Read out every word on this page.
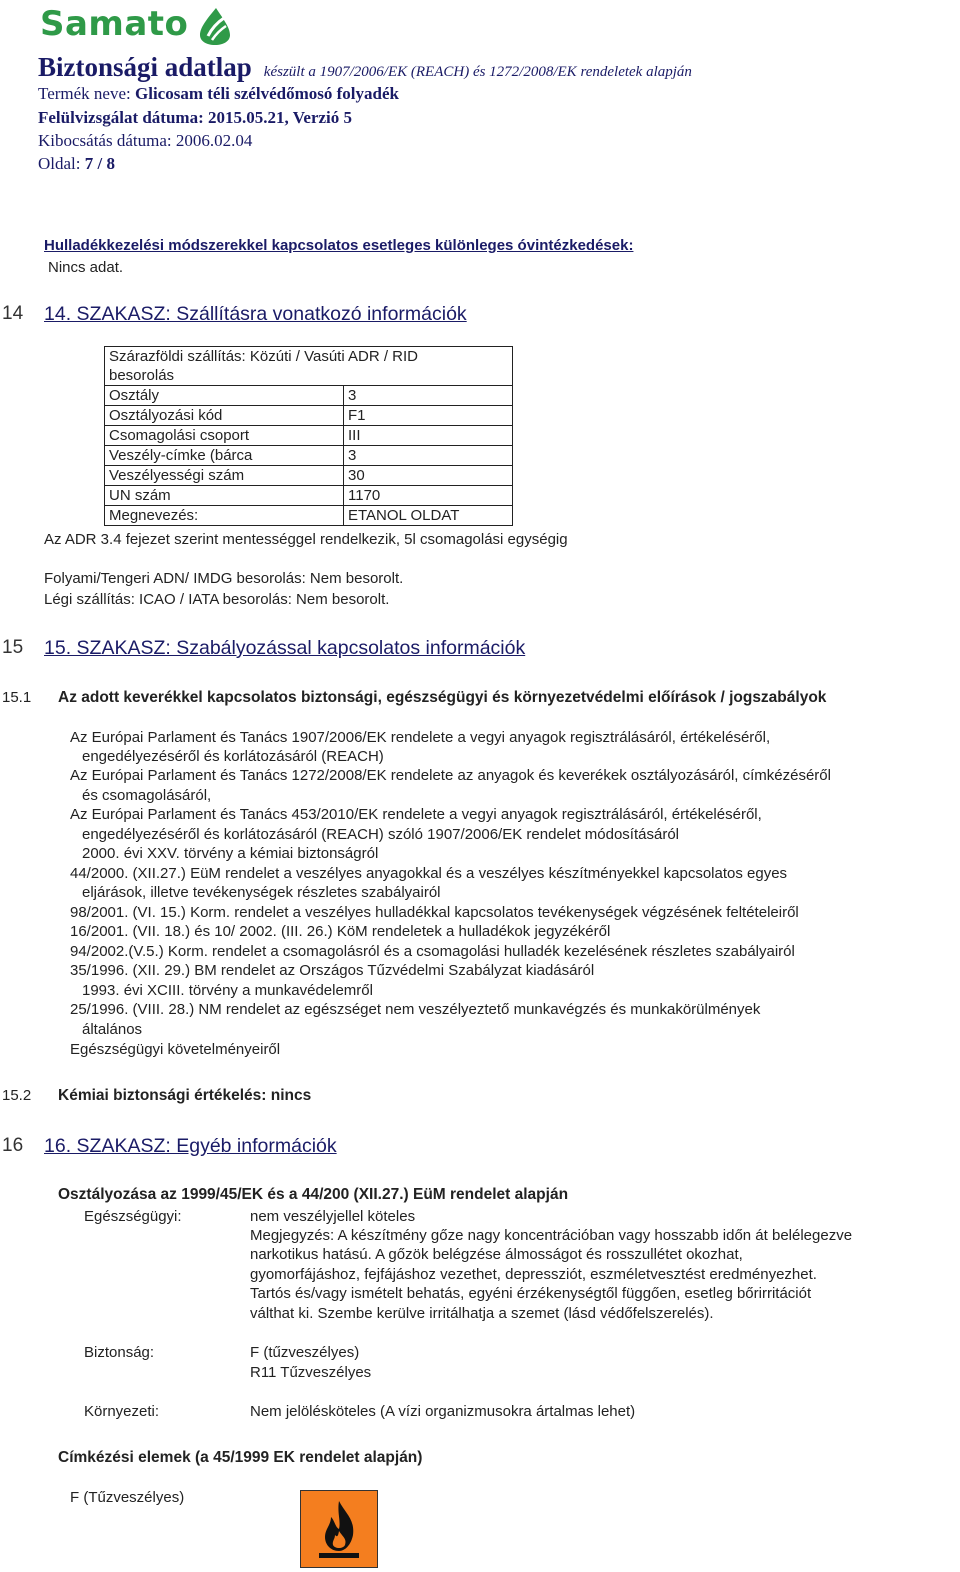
Samato
Biztonsági adatlap készült a 1907/2006/EK (REACH) és 1272/2008/EK rendeletek alapján
Termék neve: Glicosam téli szélvédőmosó folyadék
Felülvizsgálat dátuma: 2015.05.21, Verzió 5
Kibocsátás dátuma: 2006.02.04
Oldal: 7 / 8
Hulladékkezelési módszerekkel kapcsolatos esetleges különleges óvintézkedések:
Nincs adat.
14 14. SZAKASZ: Szállításra vonatkozó információk
Szárazföldi szállítás: Közúti / Vasúti ADR / RID
besorolás	

Osztály	3
Osztályozási kód	F1
Csomagolási csoport	III
Veszély-címke (bárca	3
Veszélyességi szám	30
UN szám	1170
Megnevezés:	ETANOL OLDAT
Az ADR 3.4 fejezet szerint mentességgel rendelkezik, 5l csomagolási egységig
Folyami/Tengeri ADN/ IMDG besorolás: Nem besorolt.
Légi szállítás: ICAO / IATA besorolás: Nem besorolt.
15 15. SZAKASZ: Szabályozással kapcsolatos információk
15.1 Az adott keverékkel kapcsolatos biztonsági, egészségügyi és környezetvédelmi előírások / jogszabályok
Az Európai Parlament és Tanács 1907/2006/EK rendelete a vegyi anyagok regisztrálásáról, értékeléséről,
engedélyezéséről és korlátozásáról (REACH)
Az Európai Parlament és Tanács 1272/2008/EK rendelete az anyagok és keverékek osztályozásáról, címkézéséről
és csomagolásáról,
Az Európai Parlament és Tanács 453/2010/EK rendelete a vegyi anyagok regisztrálásáról, értékeléséről,
engedélyezéséről és korlátozásáról (REACH) szóló 1907/2006/EK rendelet módosításáról
2000. évi XXV. törvény a kémiai biztonságról
44/2000. (XII.27.) EüM rendelet a veszélyes anyagokkal és a veszélyes készítményekkel kapcsolatos egyes
eljárások, illetve tevékenységek részletes szabályairól
98/2001. (VI. 15.) Korm. rendelet a veszélyes hulladékkal kapcsolatos tevékenységek végzésének feltételeiről
16/2001. (VII. 18.) és 10/ 2002. (III. 26.) KöM rendeletek a hulladékok jegyzékéről
94/2002.(V.5.) Korm. rendelet a csomagolásról és a csomagolási hulladék kezelésének részletes szabályairól
35/1996. (XII. 29.) BM rendelet az Országos Tűzvédelmi Szabályzat kiadásáról
1993. évi XCIII. törvény a munkavédelemről
25/1996. (VIII. 28.) NM rendelet az egészséget nem veszélyeztető munkavégzés és munkakörülmények
általános
Egészségügyi követelményeiről
15.2 Kémiai biztonsági értékelés: nincs
16 16. SZAKASZ: Egyéb információk
Osztályozása az 1999/45/EK és a 44/200 (XII.27.) EüM rendelet alapján
Egészségügyi:	nem veszélyjellel köteles
Megjegyzés: A készítmény gőze nagy koncentrációban vagy hosszabb időn át belélegezve
narkotikus hatású. A gőzök belégzése álmosságot és rosszullétet okozhat,
gyomorfájáshoz, fejfájáshoz vezethet, depressziót, eszméletvesztést eredményezhet.
Tartós és/vagy ismételt behatás, egyéni érzékenységtől függően, esetleg bőrirritációt
válthat ki. Szembe kerülve irritálhatja a szemet (lásd védőfelszerelés).
Biztonság:	F (tűzveszélyes)
R11 Tűzveszélyes
Környezeti:	Nem jelölésköteles (A vízi organizmusokra ártalmas lehet)
Címkézési elemek (a 45/1999 EK rendelet alapján)
F (Tűzveszélyes)
